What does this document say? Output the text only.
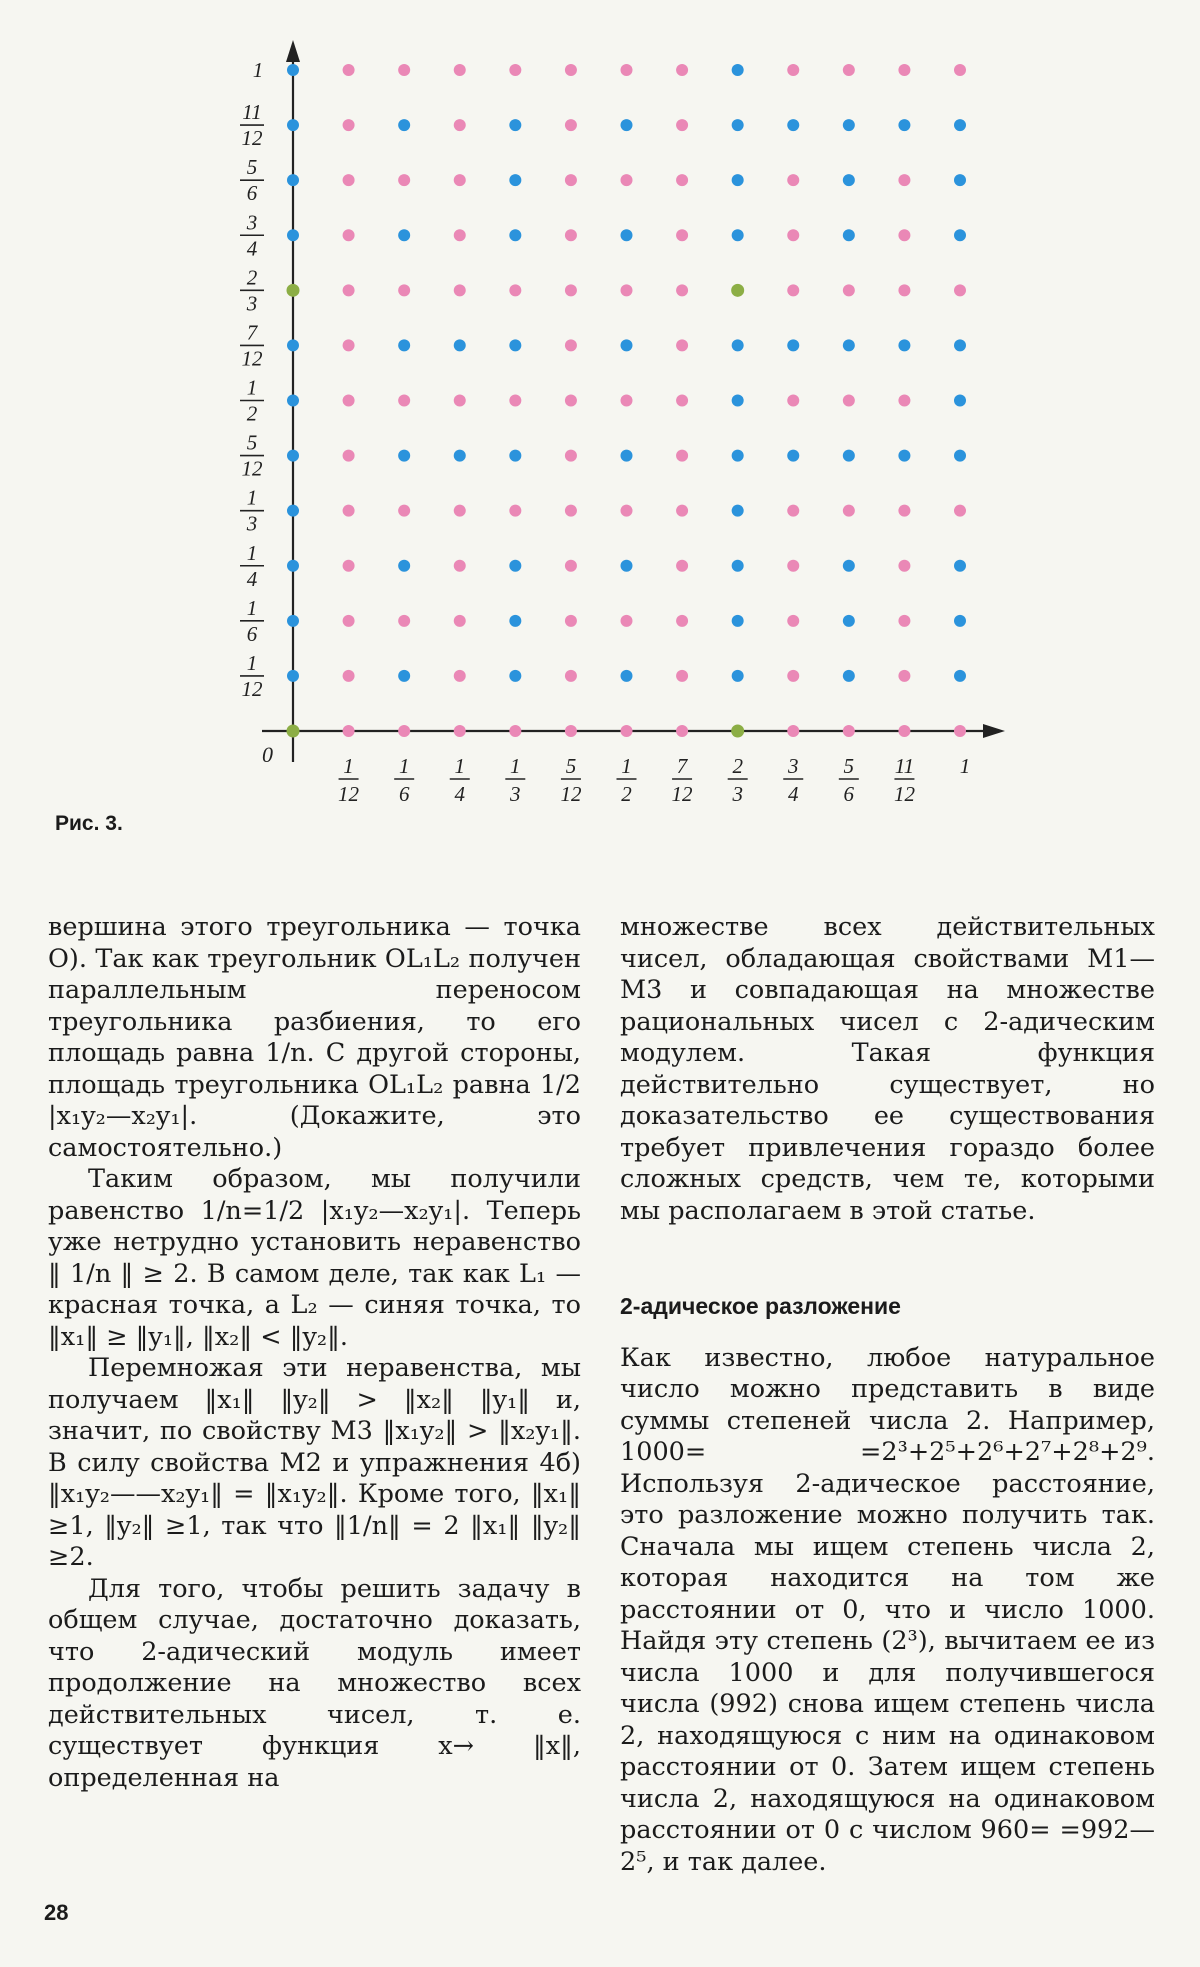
0	1
12
1
6
1
4
1
3
5
12
1
2
7
12
2
3
3
4
5
6
11
12
1
1
12
1
6
1
4
1
3
5
12
1
2
7
12
2
3
3
4
5
6
11
12
1
Рис. 3.

вершина этого треугольника — точка O). Так как треугольник OL₁L₂ получен параллельным переносом треугольника разбиения, то его площадь равна 1/n. С другой стороны, площадь треугольника OL₁L₂ равна 1/2 |x₁y₂—x₂y₁|. (Докажите, это самостоятельно.)

Таким образом, мы получили равенство 1/n=1/2 |x₁y₂—x₂y₁|. Теперь уже нетрудно установить неравенство ‖ 1/n ‖ ≥ 2. В самом деле, так как L₁ — красная точка, а L₂ — синяя точка, то ‖x₁‖ ≥ ‖y₁‖, ‖x₂‖ < ‖y₂‖.

Перемножая эти неравенства, мы получаем ‖x₁‖ ‖y₂‖ > ‖x₂‖ ‖y₁‖ и, значит, по свойству M3 ‖x₁y₂‖ > ‖x₂y₁‖. В силу свойства M2 и упражнения 4б) ‖x₁y₂——x₂y₁‖ = ‖x₁y₂‖. Кроме того, ‖x₁‖ ≥1, ‖y₂‖ ≥1, так что ‖1/n‖ = 2 ‖x₁‖ ‖y₂‖ ≥2.

Для того, чтобы решить задачу в общем случае, достаточно доказать, что 2-адический модуль имеет продолжение на множество всех действительных чисел, т. е. существует функция x→ ‖x‖, определенная на

множестве всех действительных чисел, обладающая свойствами M1—M3 и совпадающая на множестве рациональных чисел с 2-адическим модулем. Такая функция действительно существует, но доказательство ее существования требует привлечения гораздо более сложных средств, чем те, которыми мы располагаем в этой статье.

2-адическое разложение

Как известно, любое натуральное число можно представить в виде суммы степеней числа 2. Например, 1000= =2³+2⁵+2⁶+2⁷+2⁸+2⁹. Используя 2-адическое расстояние, это разложение можно получить так. Сначала мы ищем степень числа 2, которая находится на том же расстоянии от 0, что и число 1000. Найдя эту степень (2³), вычитаем ее из числа 1000 и для получившегося числа (992) снова ищем степень числа 2, находящуюся с ним на одинаковом расстоянии от 0. Затем ищем степень числа 2, находящуюся на одинаковом расстоянии от 0 с числом 960= =992—2⁵, и так далее.

28
